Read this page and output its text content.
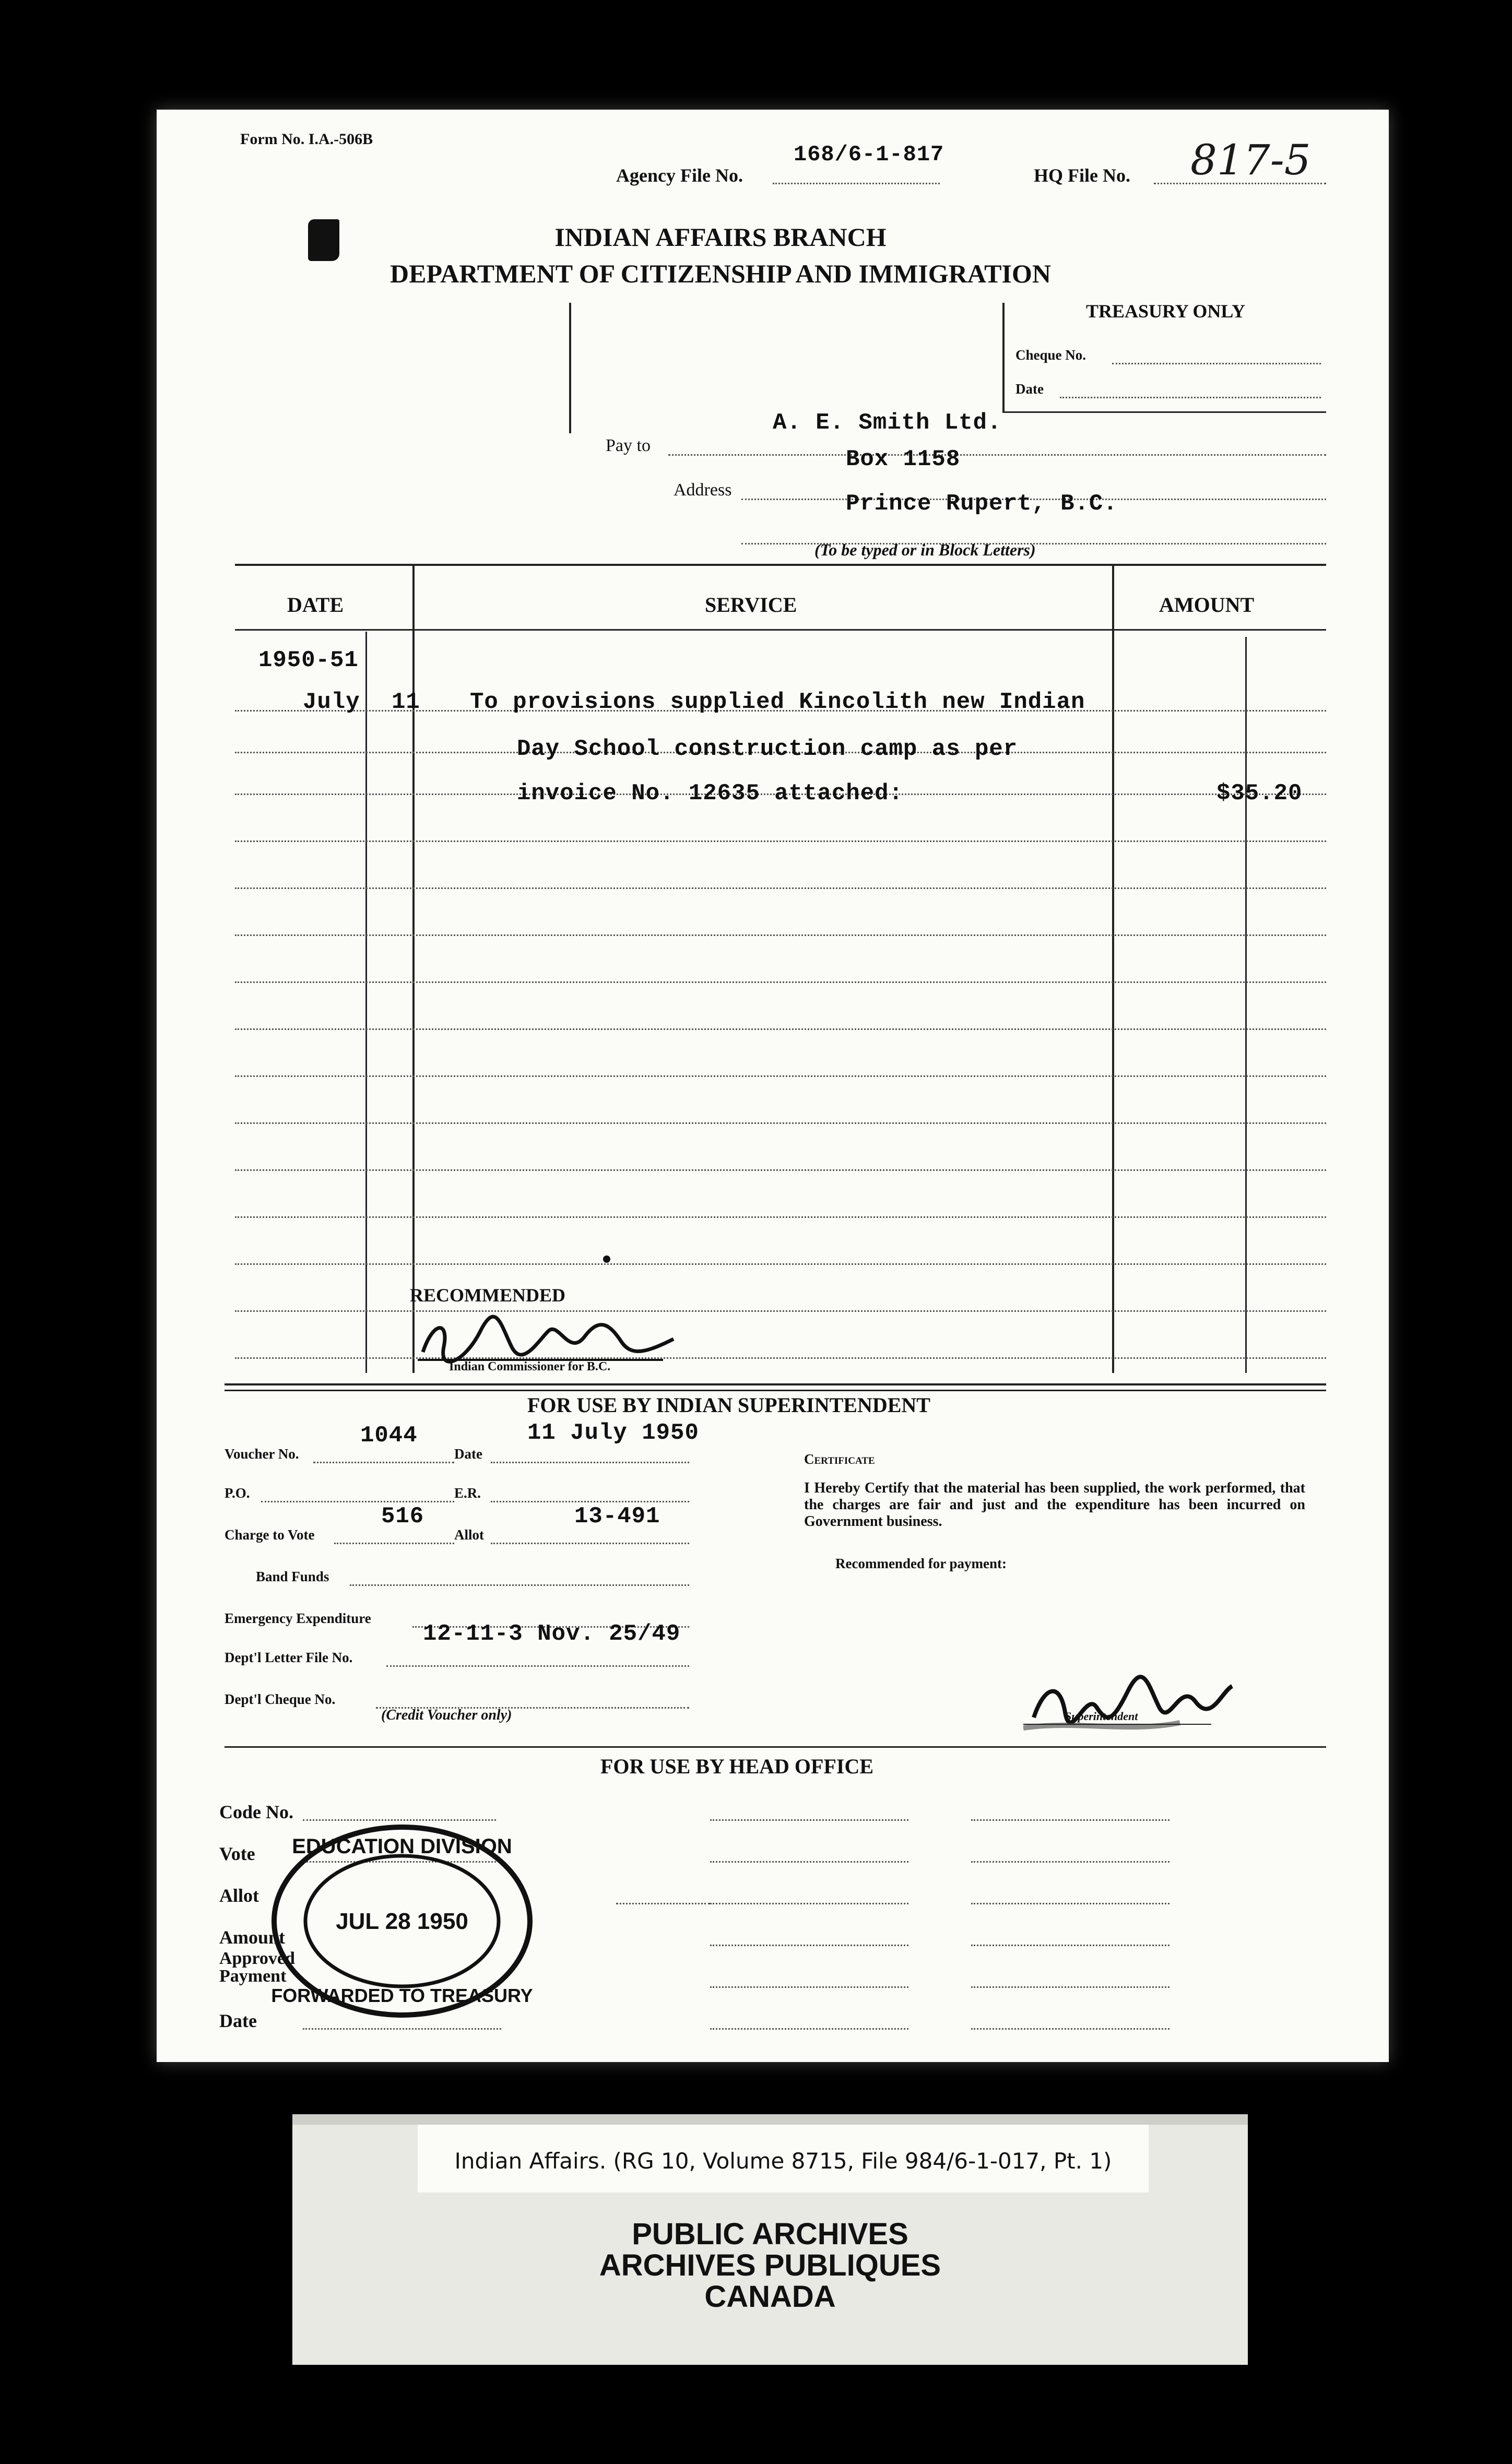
Form No. I.A.-506B
Agency File No.
168/6-1-817
HQ File No. 817-5
INDIAN AFFAIRS BRANCH
DEPARTMENT OF CITIZENSHIP AND IMMIGRATION
TREASURY ONLY
Cheque No.
Date
Pay to
A. E. Smith Ltd.
Box 1158
Address
Prince Rupert, B.C.
(To be typed or in Block Letters)
DATE	SERVICE	AMOUNT
1950-51
July 11 To provisions supplied Kincolith new Indian
Day School construction camp as per
invoice No. 12635 attached:	$35.20
RECOMMENDED
Indian Commissioner for B.C.
FOR USE BY INDIAN SUPERINTENDENT
Voucher No.
1044
Date
11 July 1950
P.O.	E.R.
Charge to Vote
516
Allot
13-491
Band Funds
Emergency Expenditure
12-11-3 Nov. 25/49
Dept'l Letter File No.
Dept'l Cheque No.
(Credit Voucher only)
Certificate
I Hereby Certify that the material has been supplied, the work performed, that the charges are fair and just and the expenditure has been incurred on Government business.
Recommended for payment:
Superintendent
FOR USE BY HEAD OFFICE
Code No.
Vote
Allot
Amount
Approved Payment
Date
EDUCATION DIVISION
JUL 28 1950
FORWARDED TO TREASURY
Indian Affairs. (RG 10, Volume 8715, File 984/6-1-017, Pt. 1)
PUBLIC ARCHIVES
ARCHIVES PUBLIQUES
CANADA
